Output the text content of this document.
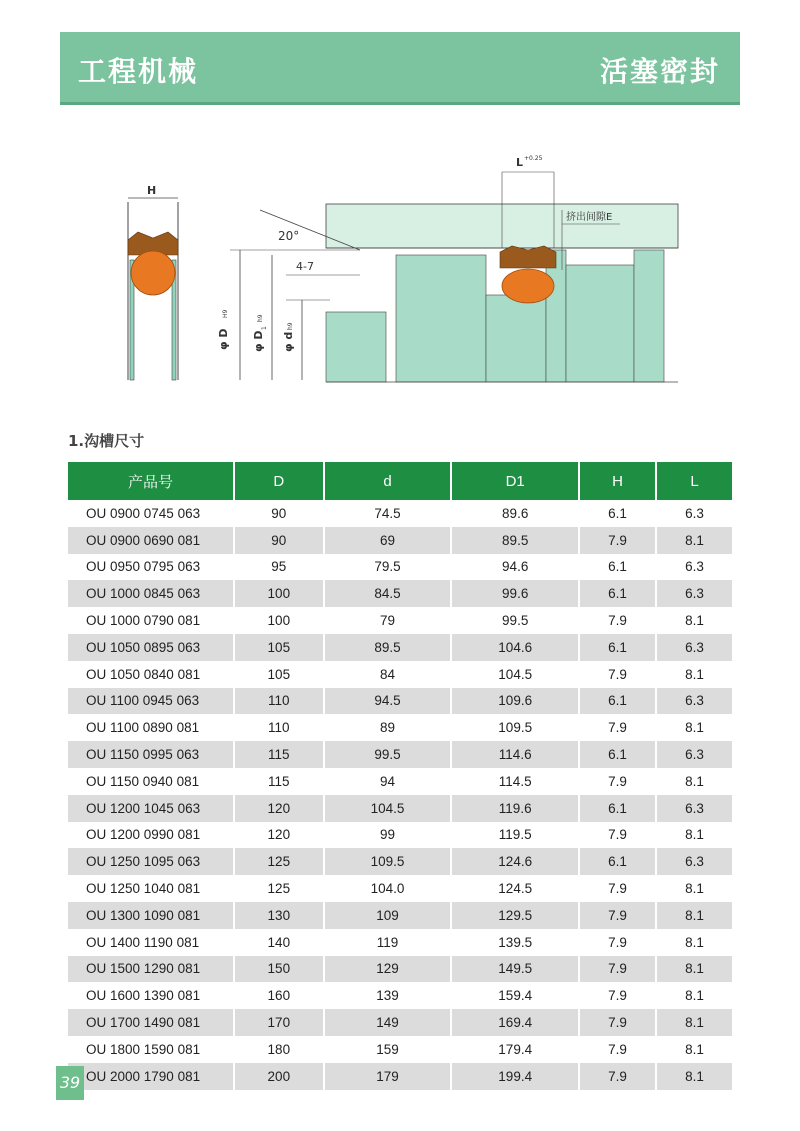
工程机械	活塞密封
H
φ D
H9
φ D
1
h9
φ d
h9
20°
4-7
L +0.25
挤出间隙E
1.沟槽尺寸
产品号	D	d	D1	H	L
OU 0900 0745 063	90	74.5	89.6	6.1	6.3
OU 0900 0690 081	90	69	89.5	7.9	8.1
OU 0950 0795 063	95	79.5	94.6	6.1	6.3
OU 1000 0845 063	100	84.5	99.6	6.1	6.3
OU 1000 0790 081	100	79	99.5	7.9	8.1
OU 1050 0895 063	105	89.5	104.6	6.1	6.3
OU 1050 0840 081	105	84	104.5	7.9	8.1
OU 1100 0945 063	110	94.5	109.6	6.1	6.3
OU 1100 0890 081	110	89	109.5	7.9	8.1
OU 1150 0995 063	115	99.5	114.6	6.1	6.3
OU 1150 0940 081	115	94	114.5	7.9	8.1
OU 1200 1045 063	120	104.5	119.6	6.1	6.3
OU 1200 0990 081	120	99	119.5	7.9	8.1
OU 1250 1095 063	125	109.5	124.6	6.1	6.3
OU 1250 1040 081	125	104.0	124.5	7.9	8.1
OU 1300 1090 081	130	109	129.5	7.9	8.1
OU 1400 1190 081	140	119	139.5	7.9	8.1
OU 1500 1290 081	150	129	149.5	7.9	8.1
OU 1600 1390 081	160	139	159.4	7.9	8.1
OU 1700 1490 081	170	149	169.4	7.9	8.1
OU 1800 1590 081	180	159	179.4	7.9	8.1
OU 2000 1790 081	200	179	199.4	7.9	8.1
39
